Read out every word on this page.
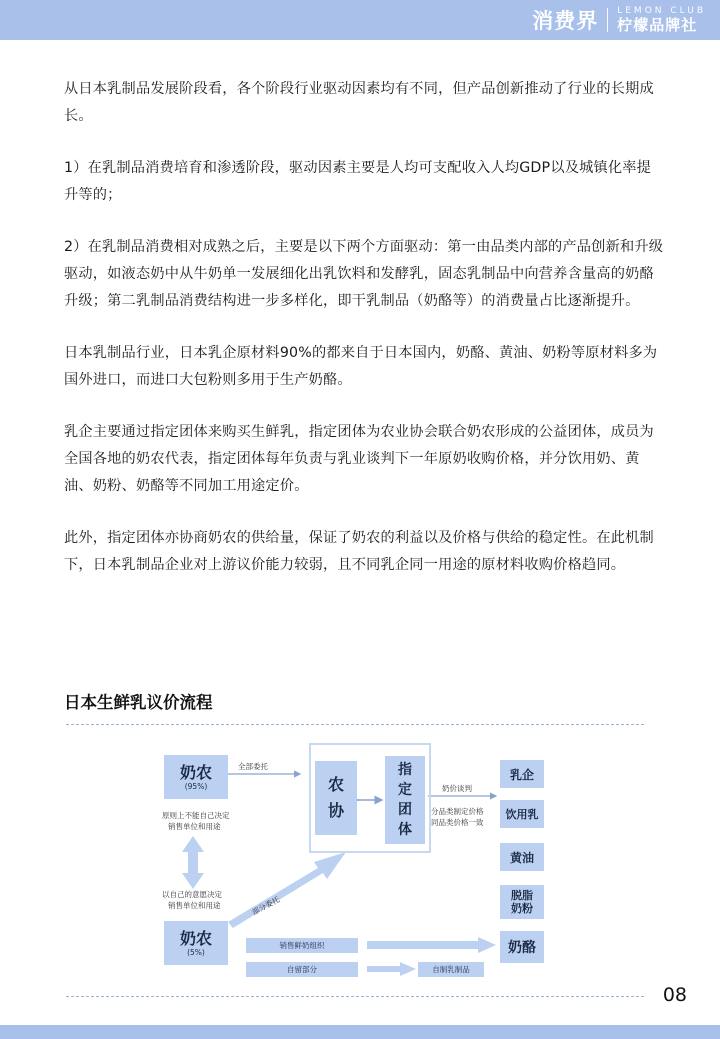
消费界 LEMON CLUB
柠檬品牌社

从日本乳制品发展阶段看，各个阶段行业驱动因素均有不同，但产品创新推动了行业的长期成长。

1）在乳制品消费培育和渗透阶段，驱动因素主要是人均可支配收入人均GDP以及城镇化率提升等的；

2）在乳制品消费相对成熟之后，主要是以下两个方面驱动：第一由品类内部的产品创新和升级驱动，如液态奶中从牛奶单一发展细化出乳饮料和发酵乳，固态乳制品中向营养含量高的奶酪升级；第二乳制品消费结构进一步多样化，即干乳制品（奶酪等）的消费量占比逐渐提升。

日本乳制品行业，日本乳企原材料90%的都来自于日本国内，奶酪、黄油、奶粉等原材料多为国外进口，而进口大包粉则多用于生产奶酪。

乳企主要通过指定团体来购买生鲜乳，指定团体为农业协会联合奶农形成的公益团体，成员为全国各地的奶农代表，指定团体每年负责与乳业谈判下一年原奶收购价格，并分饮用奶、黄油、奶粉、奶酪等不同加工用途定价。

此外，指定团体亦协商奶农的供给量，保证了奶农的利益以及价格与供给的稳定性。在此机制下，日本乳制品企业对上游议价能力较弱，且不同乳企同一用途的原材料收购价格趋同。

日本生鲜乳议价流程
奶农
(95%)
全部委托
原则上不能自己决定
销售单位和用途
以自己的意愿决定
销售单位和用途
奶农
(5%)
部分委托
农
协
指
定
团
体
奶价谈判
分品类制定价格
同品类价格一致
乳企
饮用乳
黄油
脱脂
奶粉
奶酪
销售鲜奶组织
自留部分	自制乳制品
08
